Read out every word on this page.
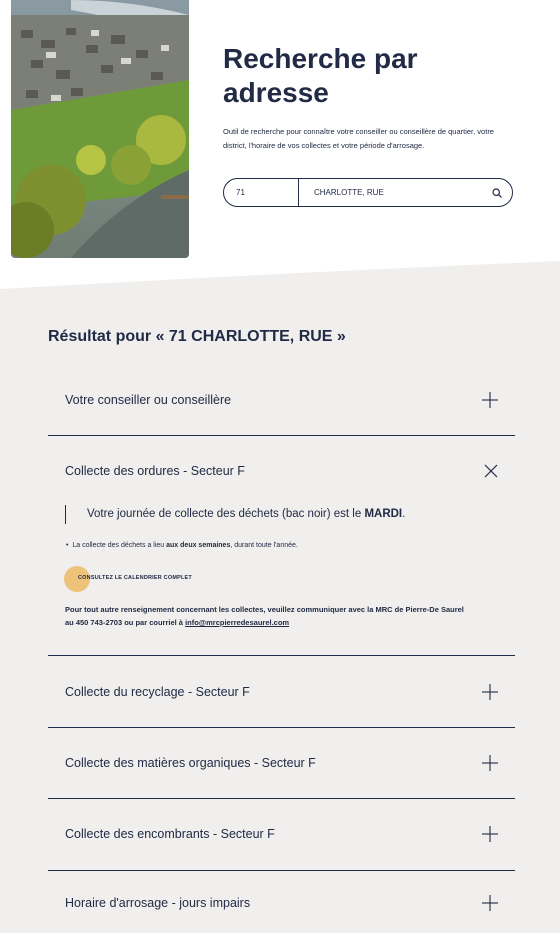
Recherche par adresse
Outil de recherche pour connaître votre conseiller ou conseillère de quartier, votre district, l'horaire de vos collectes et votre période d'arrosage.
71	CHARLOTTE, RUE
Résultat pour « 71 CHARLOTTE, RUE »
Votre conseiller ou conseillère
Collecte des ordures - Secteur F
Votre journée de collecte des déchets (bac noir) est le MARDI.
•  La collecte des déchets a lieu aux deux semaines, durant toute l'année.
CONSULTEZ LE CALENDRIER COMPLET
Pour tout autre renseignement concernant les collectes, veuillez communiquer avec la MRC de Pierre-De Saurel au 450 743-2703 ou par courriel à info@mrcpierredesaurel.com
Collecte du recyclage - Secteur F
Collecte des matières organiques - Secteur F
Collecte des encombrants - Secteur F
Horaire d'arrosage - jours impairs
